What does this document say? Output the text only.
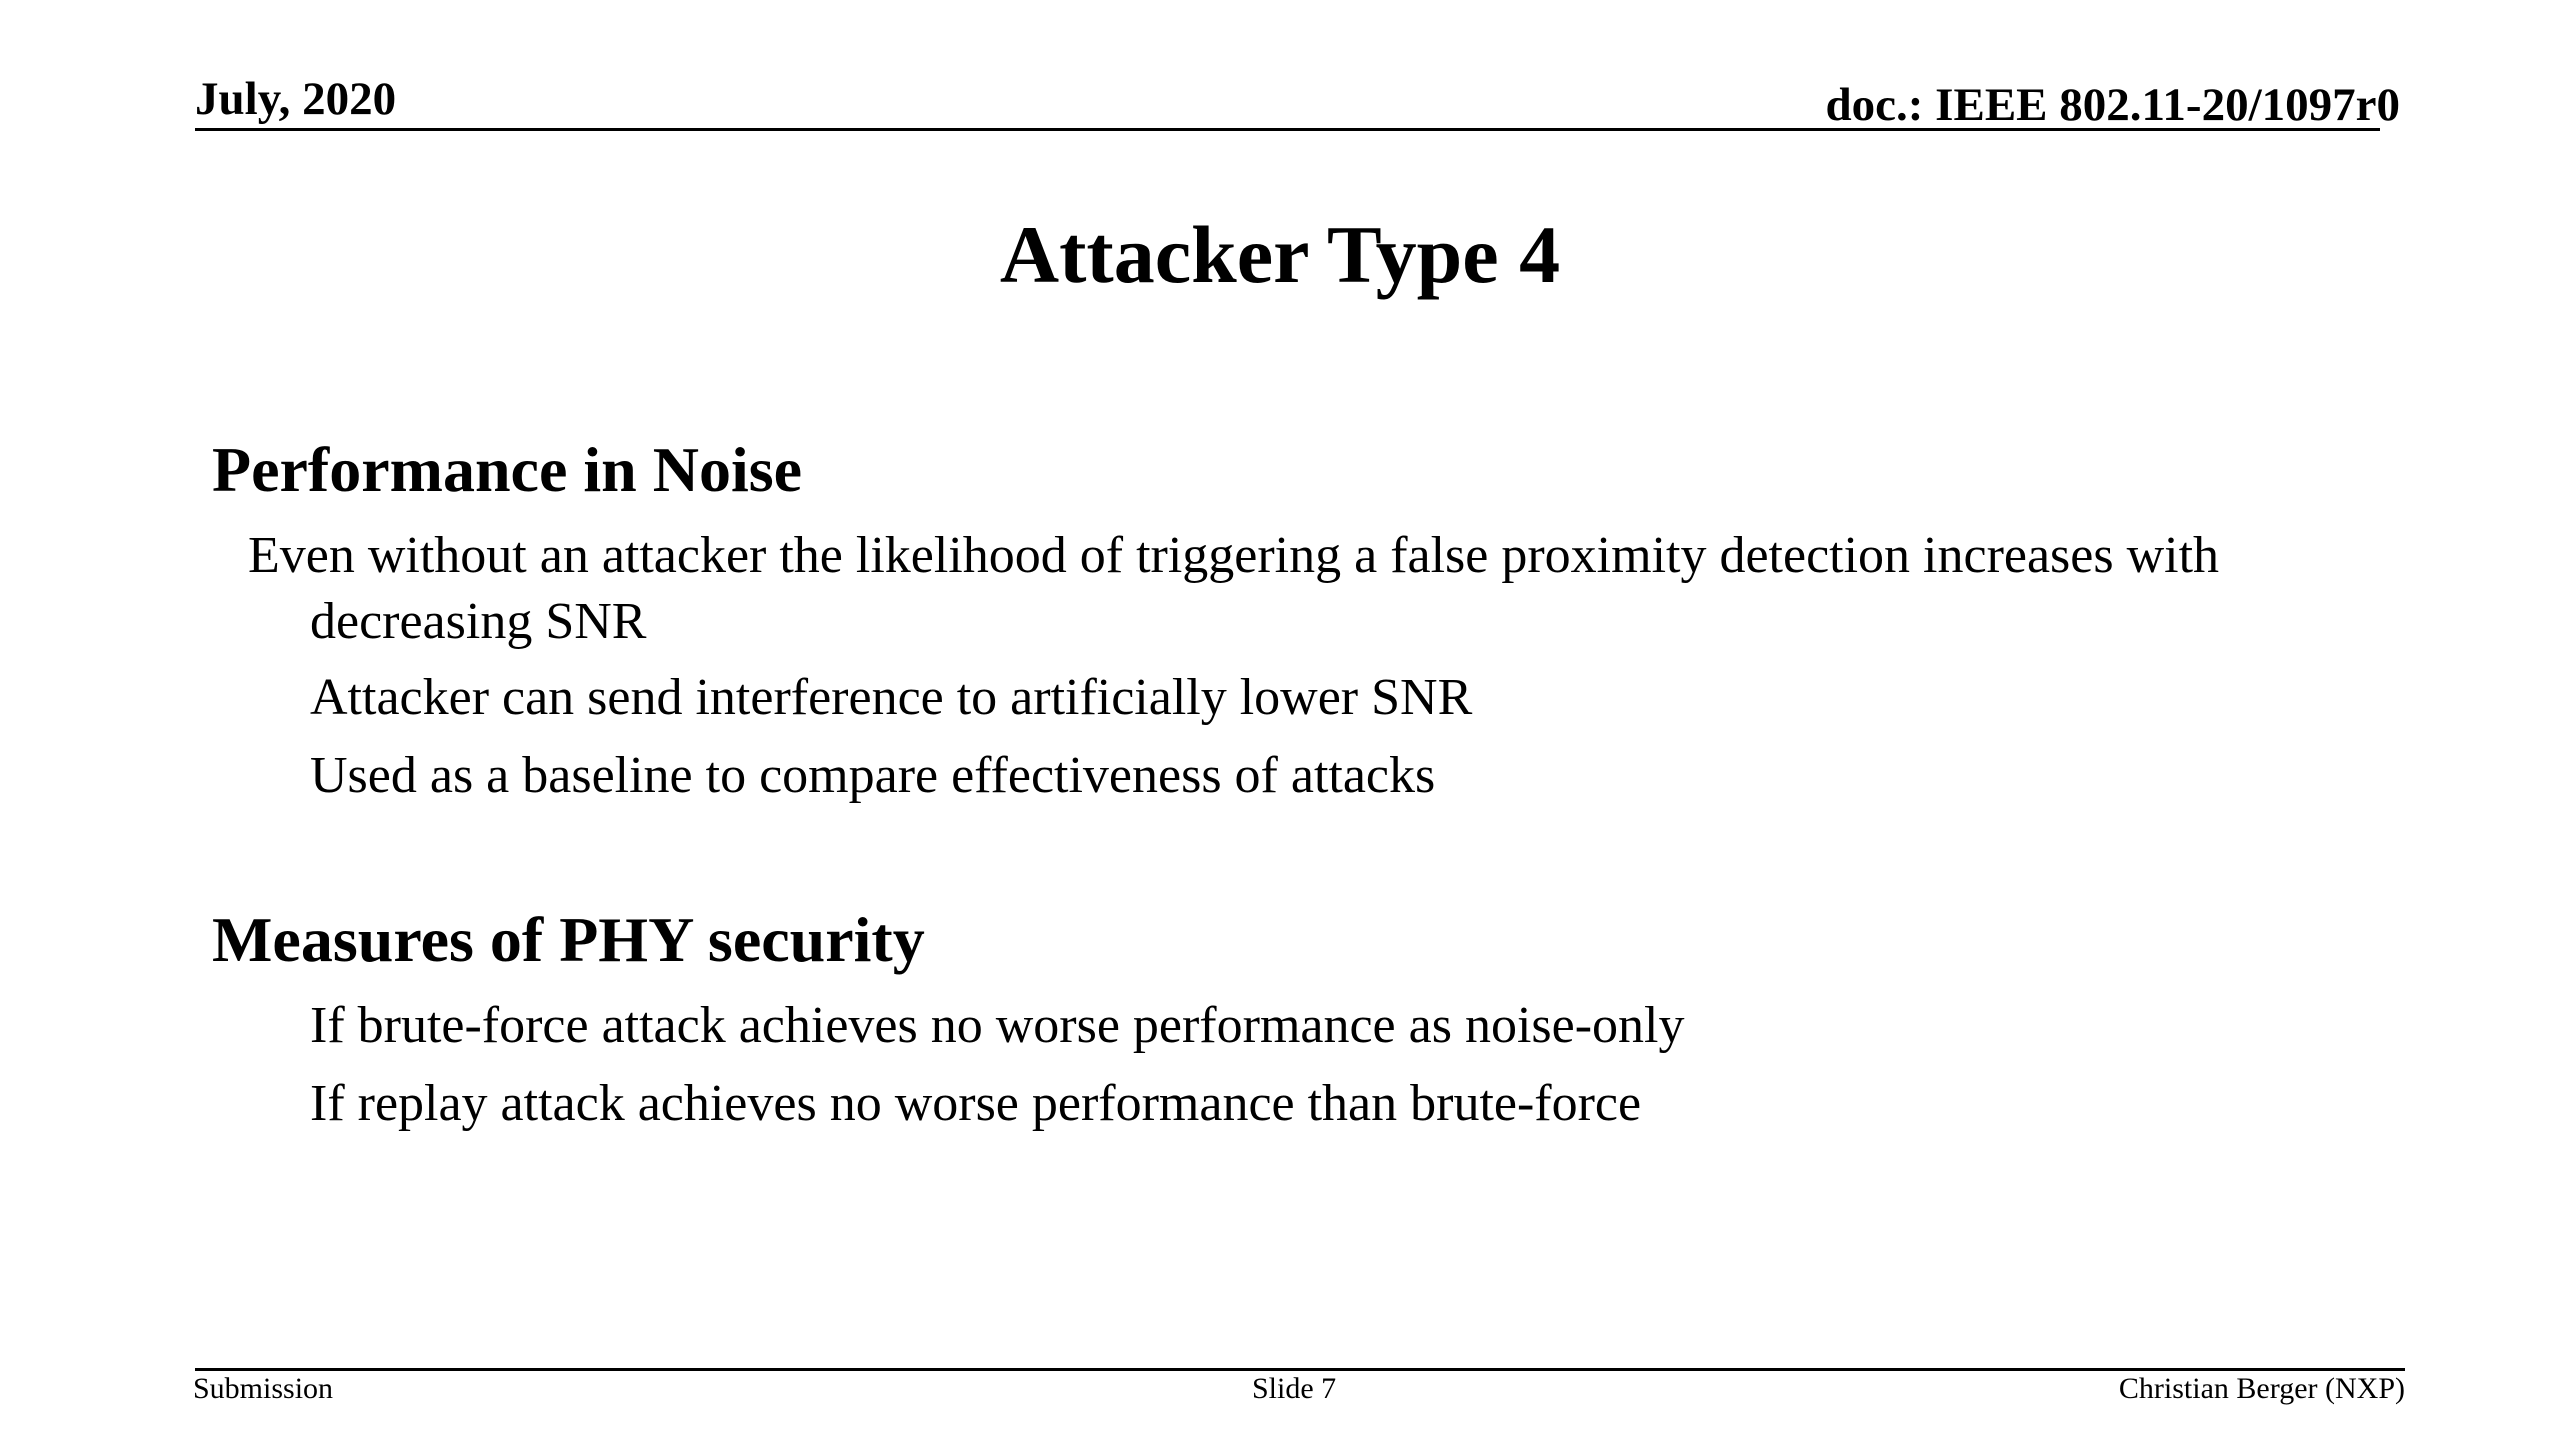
July, 2020	doc.: IEEE 802.11-20/1097r0
Attacker Type 4
Performance in Noise
Even without an attacker the likelihood of triggering a false proximity detection increases with decreasing SNR
Attacker can send interference to artificially lower SNR
Used as a baseline to compare effectiveness of attacks
Measures of PHY security
If brute-force attack achieves no worse performance as noise-only
If replay attack achieves no worse performance than brute-force
Submission	Slide 7	Christian Berger (NXP)
